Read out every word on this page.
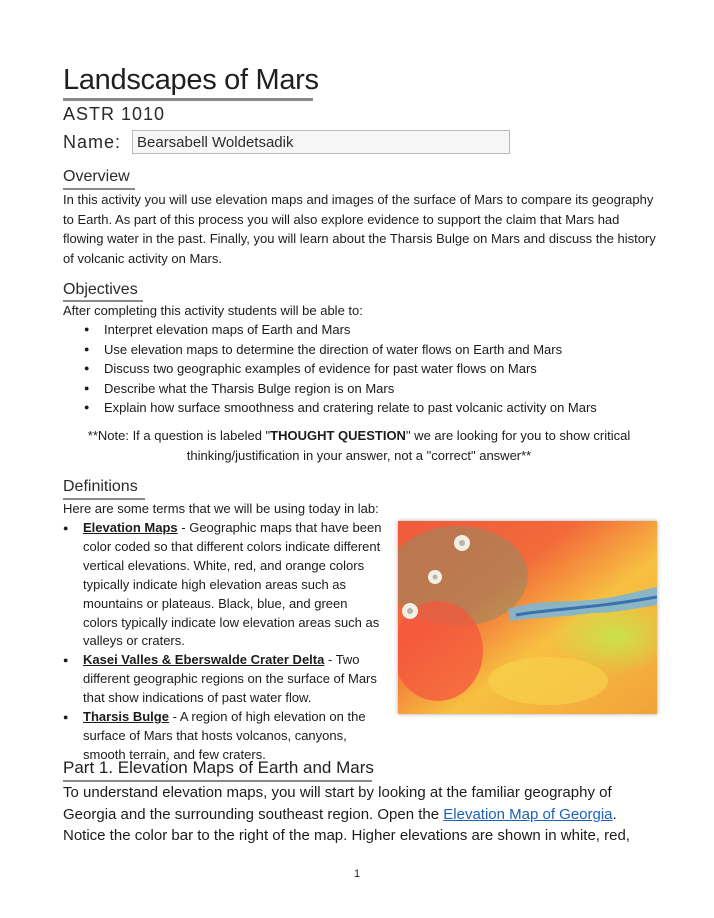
Landscapes of Mars
ASTR 1010
Name:
Bearsabell Woldetsadik
Overview
In this activity you will use elevation maps and images of the surface of Mars to compare its geography to Earth. As part of this process you will also explore evidence to support the claim that Mars had flowing water in the past. Finally, you will learn about the Tharsis Bulge on Mars and discuss the history of volcanic activity on Mars.
Objectives
After completing this activity students will be able to:
● Interpret elevation maps of Earth and Mars
● Use elevation maps to determine the direction of water flows on Earth and Mars
● Discuss two geographic examples of evidence for past water flows on Mars
● Describe what the Tharsis Bulge region is on Mars
● Explain how surface smoothness and cratering relate to past volcanic activity on Mars
**Note: If a question is labeled "THOUGHT QUESTION" we are looking for you to show critical thinking/justification in your answer, not a "correct" answer**
Definitions
Here are some terms that we will be using today in lab:
●	Elevation Maps - Geographic maps that have been color coded so that different colors indicate different vertical elevations. White, red, and orange colors typically indicate high elevation areas such as mountains or plateaus. Black, blue, and green colors typically indicate low elevation areas such as valleys or craters.
●	Kasei Valles & Eberswalde Crater Delta - Two different geographic regions on the surface of Mars that show indications of past water flow.
●	Tharsis Bulge - A region of high elevation on the surface of Mars that hosts volcanos, canyons, smooth terrain, and few craters.
Part 1. Elevation Maps of Earth and Mars
To understand elevation maps, you will start by looking at the familiar geography of Georgia and the surrounding southeast region. Open the Elevation Map of Georgia. Notice the color bar to the right of the map. Higher elevations are shown in white, red,
1
